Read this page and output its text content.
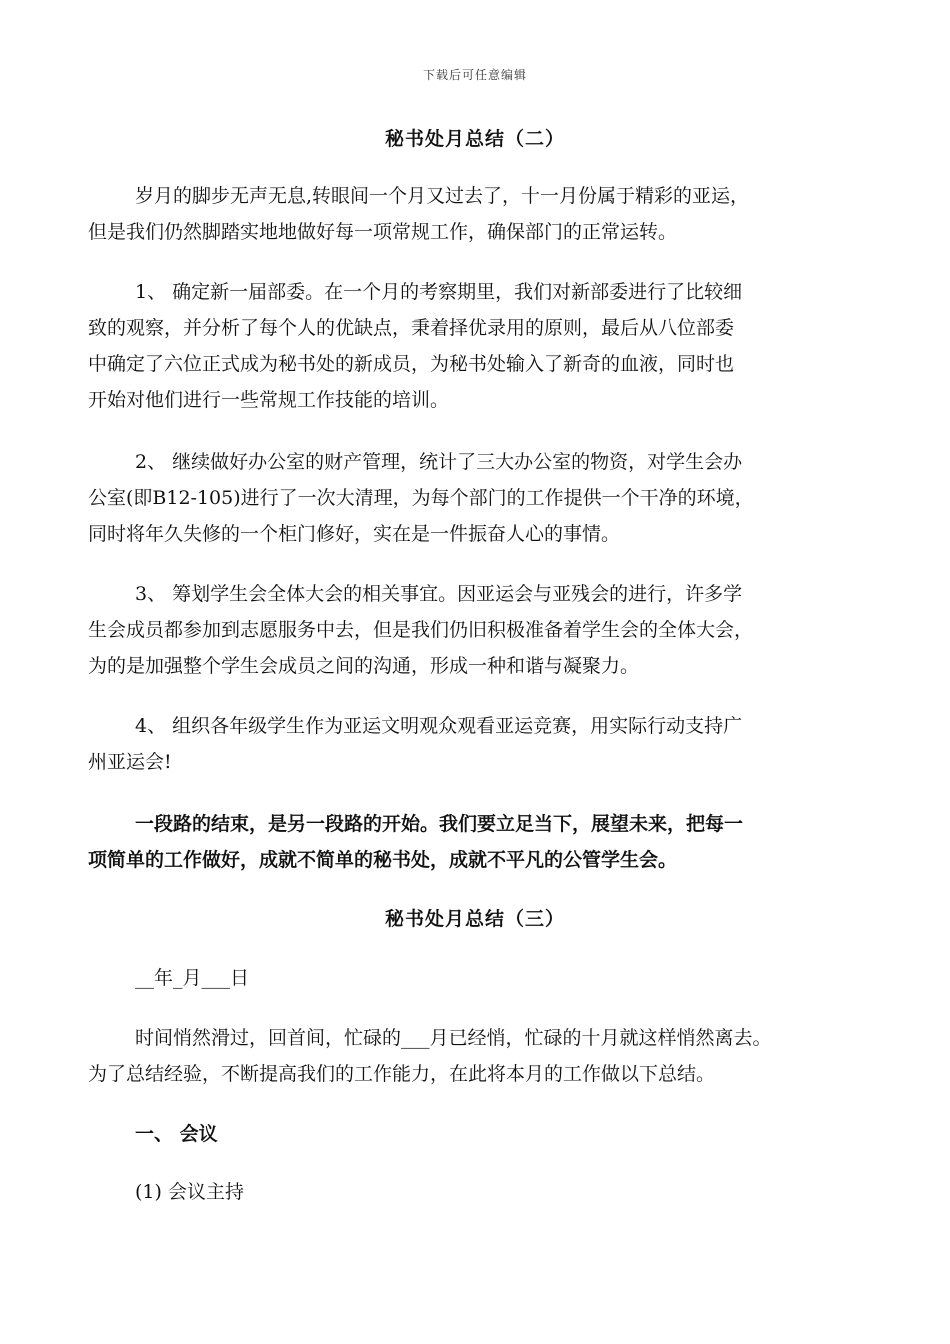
下载后可任意编辑
秘书处月总结（二）

岁月的脚步无声无息,转眼间一个月又过去了，十一月份属于精彩的亚运，
但是我们仍然脚踏实地地做好每一项常规工作，确保部门的正常运转。

1、 确定新一届部委。在一个月的考察期里，我们对新部委进行了比较细
致的观察，并分析了每个人的优缺点，秉着择优录用的原则，最后从八位部委
中确定了六位正式成为秘书处的新成员，为秘书处输入了新奇的血液，同时也
开始对他们进行一些常规工作技能的培训。

2、 继续做好办公室的财产管理，统计了三大办公室的物资，对学生会办
公室(即B12-105)进行了一次大清理，为每个部门的工作提供一个干净的环境，
同时将年久失修的一个柜门修好，实在是一件振奋人心的事情。

3、 筹划学生会全体大会的相关事宜。因亚运会与亚残会的进行，许多学
生会成员都参加到志愿服务中去，但是我们仍旧积极准备着学生会的全体大会，
为的是加强整个学生会成员之间的沟通，形成一种和谐与凝聚力。

4、 组织各年级学生作为亚运文明观众观看亚运竞赛，用实际行动支持广
州亚运会!

一段路的结束，是另一段路的开始。我们要立足当下，展望未来，把每一
项简单的工作做好，成就不简单的秘书处，成就不平凡的公管学生会。

秘书处月总结（三）

__年_月___日

时间悄然滑过，回首间，忙碌的___月已经悄，忙碌的十月就这样悄然离去。
为了总结经验，不断提高我们的工作能力，在此将本月的工作做以下总结。

一、 会议

(1) 会议主持
